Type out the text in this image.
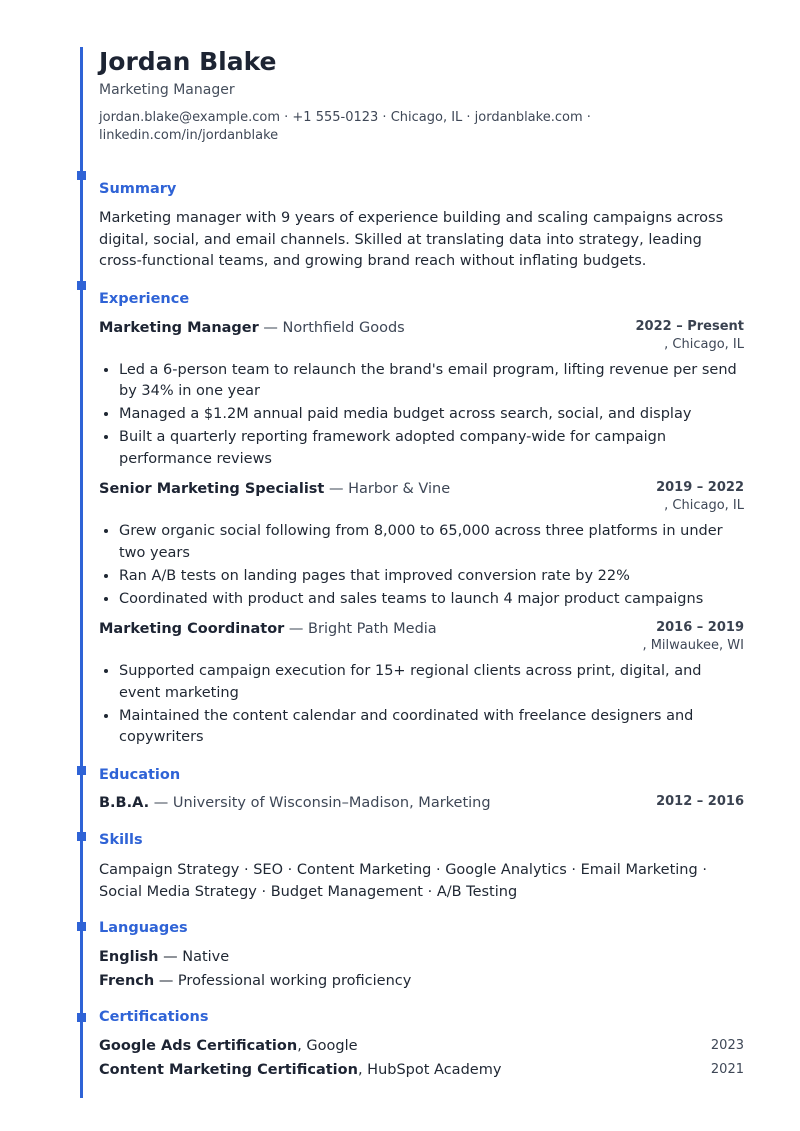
Jordan Blake
Marketing Manager
jordan.blake@example.com · +1 555-0123 · Chicago, IL · jordanblake.com ·
linkedin.com/in/jordanblake
Summary

Marketing manager with 9 years of experience building and scaling campaigns across digital, social, and email channels. Skilled at translating data into strategy, leading cross-functional teams, and growing brand reach without inflating budgets.

Experience
Marketing Manager — Northfield Goods	2022 – Present
, Chicago, IL
• Led a 6-person team to relaunch the brand's email program, lifting revenue per send by 34% in one year
• Managed a $1.2M annual paid media budget across search, social, and display
• Built a quarterly reporting framework adopted company-wide for campaign performance reviews
Senior Marketing Specialist — Harbor & Vine	2019 – 2022
, Chicago, IL
• Grew organic social following from 8,000 to 65,000 across three platforms in under two years
• Ran A/B tests on landing pages that improved conversion rate by 22%
• Coordinated with product and sales teams to launch 4 major product campaigns
Marketing Coordinator — Bright Path Media	2016 – 2019
, Milwaukee, WI
• Supported campaign execution for 15+ regional clients across print, digital, and event marketing
• Maintained the content calendar and coordinated with freelance designers and copywriters
Education
B.B.A. — University of Wisconsin–Madison, Marketing	2012 – 2016
Skills

Campaign Strategy · SEO · Content Marketing · Google Analytics · Email Marketing · Social Media Strategy · Budget Management · A/B Testing

Languages
English — Native
French — Professional working proficiency
Certifications
Google Ads Certification, Google	2023
Content Marketing Certification, HubSpot Academy	2021
